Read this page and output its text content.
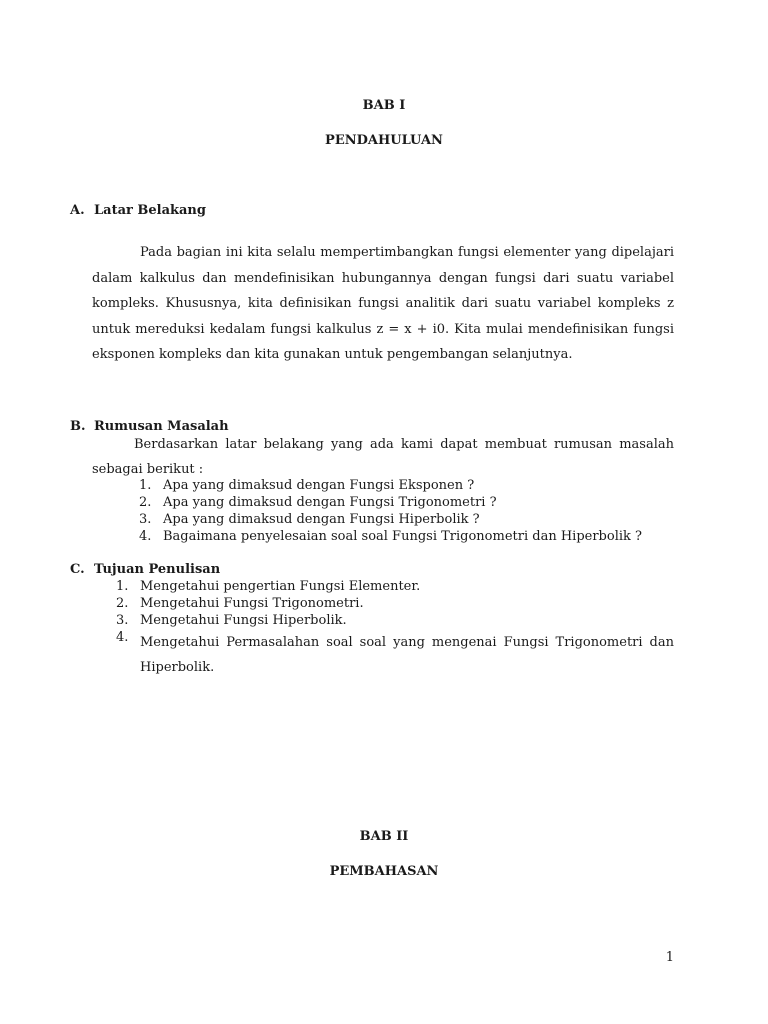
BAB I
PENDAHULUAN
A. Latar Belakang

Pada bagian ini kita selalu mempertimbangkan fungsi elementer yang dipelajari dalam kalkulus dan mendefinisikan hubungannya dengan fungsi dari suatu variabel kompleks. Khususnya, kita definisikan fungsi analitik dari suatu variabel kompleks z untuk mereduksi kedalam fungsi kalkulus z = x + i0. Kita mulai mendefinisikan fungsi eksponen kompleks dan kita gunakan untuk pengembangan selanjutnya.

B. Rumusan Masalah

Berdasarkan latar belakang yang ada kami dapat membuat rumusan masalah sebagai berikut :

1. Apa yang dimaksud dengan Fungsi Eksponen ?
2. Apa yang dimaksud dengan Fungsi Trigonometri ?
3. Apa yang dimaksud dengan Fungsi Hiperbolik ?
4. Bagaimana penyelesaian soal soal Fungsi Trigonometri dan Hiperbolik ?
C. Tujuan Penulisan
1. Mengetahui pengertian Fungsi Elementer.
2. Mengetahui Fungsi Trigonometri.
3. Mengetahui Fungsi Hiperbolik.
4. Mengetahui Permasalahan soal soal yang mengenai Fungsi Trigonometri dan Hiperbolik.

BAB II
PEMBAHASAN
1
